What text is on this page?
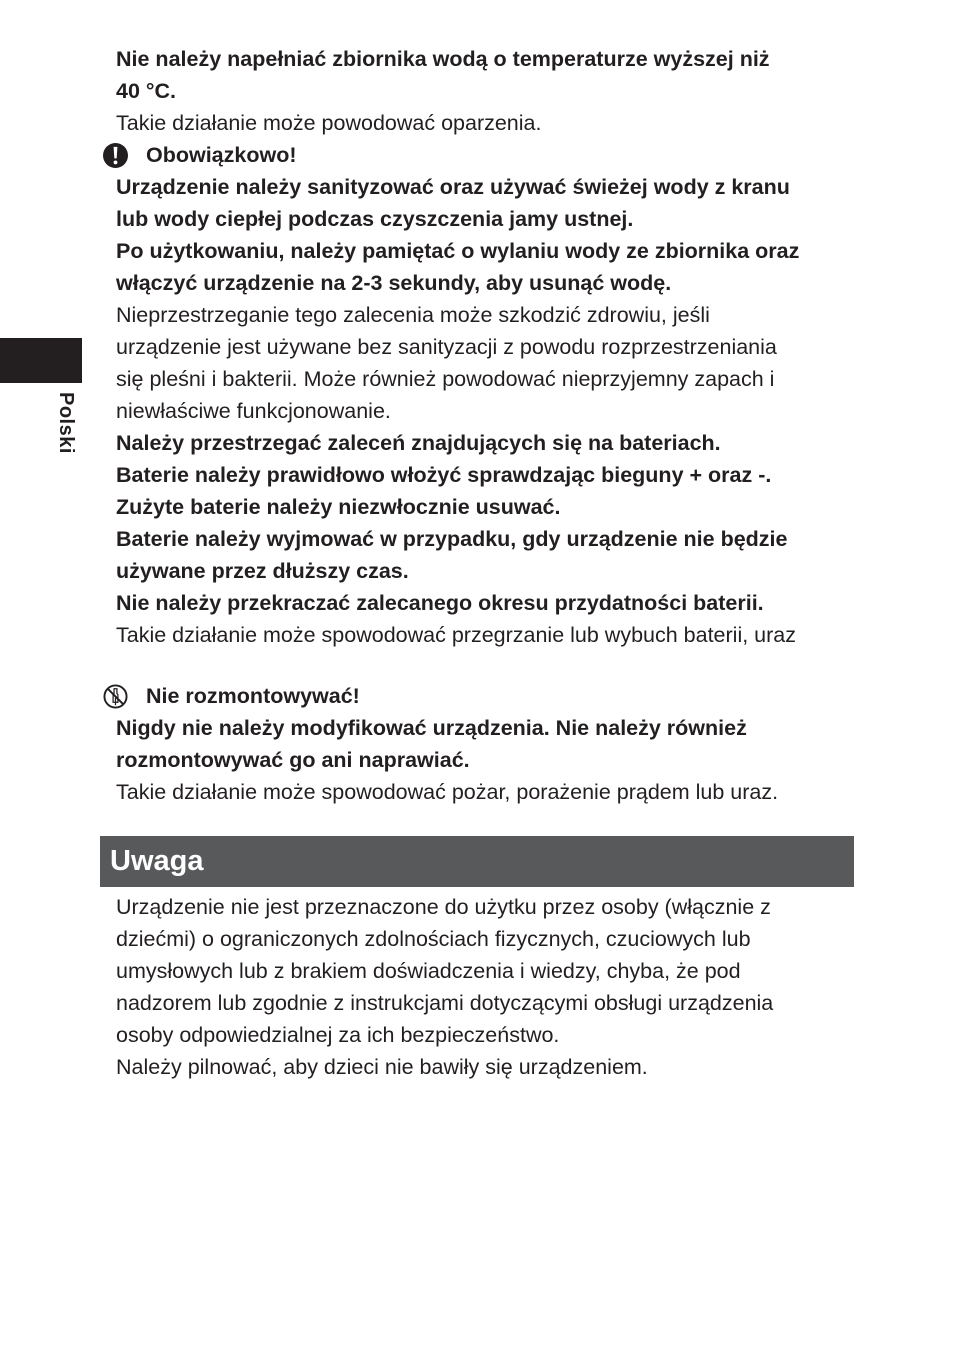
Polski
Nie należy napełniać zbiornika wodą o temperaturze wyższej niż
40 °C.
Takie działanie może powodować oparzenia.
Obowiązkowo!
Urządzenie należy sanityzować oraz używać świeżej wody z kranu
lub wody ciepłej podczas czyszczenia jamy ustnej.
Po użytkowaniu, należy pamiętać o wylaniu wody ze zbiornika oraz
włączyć urządzenie na 2-3 sekundy, aby usunąć wodę.
Nieprzestrzeganie tego zalecenia może szkodzić zdrowiu, jeśli
urządzenie jest używane bez sanityzacji z powodu rozprzestrzeniania
się pleśni i bakterii. Może również powodować nieprzyjemny zapach i
niewłaściwe funkcjonowanie.
Należy przestrzegać zaleceń znajdujących się na bateriach.
Baterie należy prawidłowo włożyć sprawdzając bieguny + oraz -.
Zużyte baterie należy niezwłocznie usuwać.
Baterie należy wyjmować w przypadku, gdy urządzenie nie będzie
używane przez dłuższy czas.
Nie należy przekraczać zalecanego okresu przydatności baterii.
Takie działanie może spowodować przegrzanie lub wybuch baterii, uraz
Nie rozmontowywać!
Nigdy nie należy modyfikować urządzenia. Nie należy również
rozmontowywać go ani naprawiać.
Takie działanie może spowodować pożar, porażenie prądem lub uraz.
Uwaga
Urządzenie nie jest przeznaczone do użytku przez osoby (włącznie z
dziećmi) o ograniczonych zdolnościach fizycznych, czuciowych lub
umysłowych lub z brakiem doświadczenia i wiedzy, chyba, że pod
nadzorem lub zgodnie z instrukcjami dotyczącymi obsługi urządzenia
osoby odpowiedzialnej za ich bezpieczeństwo.
Należy pilnować, aby dzieci nie bawiły się urządzeniem.
